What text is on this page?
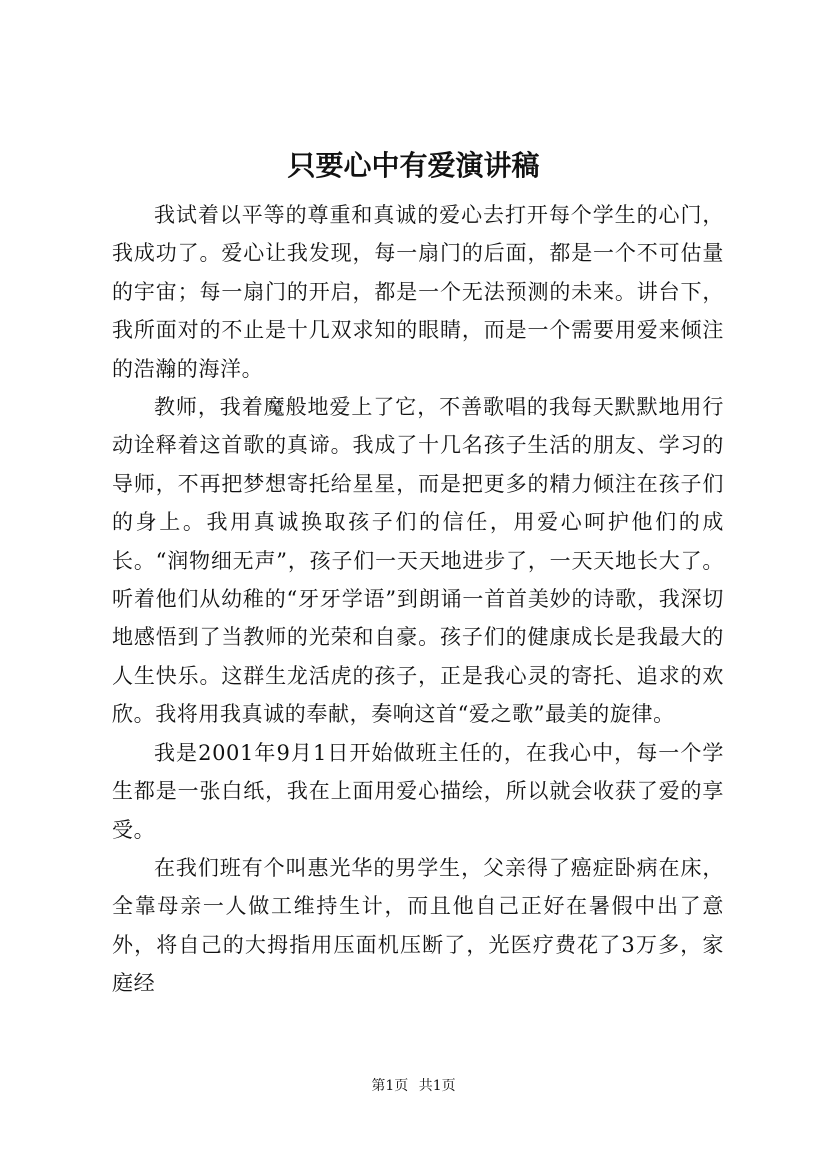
只要心中有爱演讲稿

我试着以平等的尊重和真诚的爱心去打开每个学生的心门，我成功了。爱心让我发现，每一扇门的后面，都是一个不可估量的宇宙；每一扇门的开启，都是一个无法预测的未来。讲台下，我所面对的不止是十几双求知的眼睛，而是一个需要用爱来倾注的浩瀚的海洋。

教师，我着魔般地爱上了它，不善歌唱的我每天默默地用行动诠释着这首歌的真谛。我成了十几名孩子生活的朋友、学习的导师，不再把梦想寄托给星星，而是把更多的精力倾注在孩子们的身上。我用真诚换取孩子们的信任，用爱心呵护他们的成长。“润物细无声”，孩子们一天天地进步了，一天天地长大了。听着他们从幼稚的“牙牙学语”到朗诵一首首美妙的诗歌，我深切地感悟到了当教师的光荣和自豪。孩子们的健康成长是我最大的人生快乐。这群生龙活虎的孩子，正是我心灵的寄托、追求的欢欣。我将用我真诚的奉献，奏响这首“爱之歌”最美的旋律。

我是2001年9月1日开始做班主任的，在我心中，每一个学生都是一张白纸，我在上面用爱心描绘，所以就会收获了爱的享受。

在我们班有个叫惠光华的男学生，父亲得了癌症卧病在床，全靠母亲一人做工维持生计，而且他自己正好在暑假中出了意外，将自己的大拇指用压面机压断了，光医疗费花了3万多，家庭经

第1页 共1页
